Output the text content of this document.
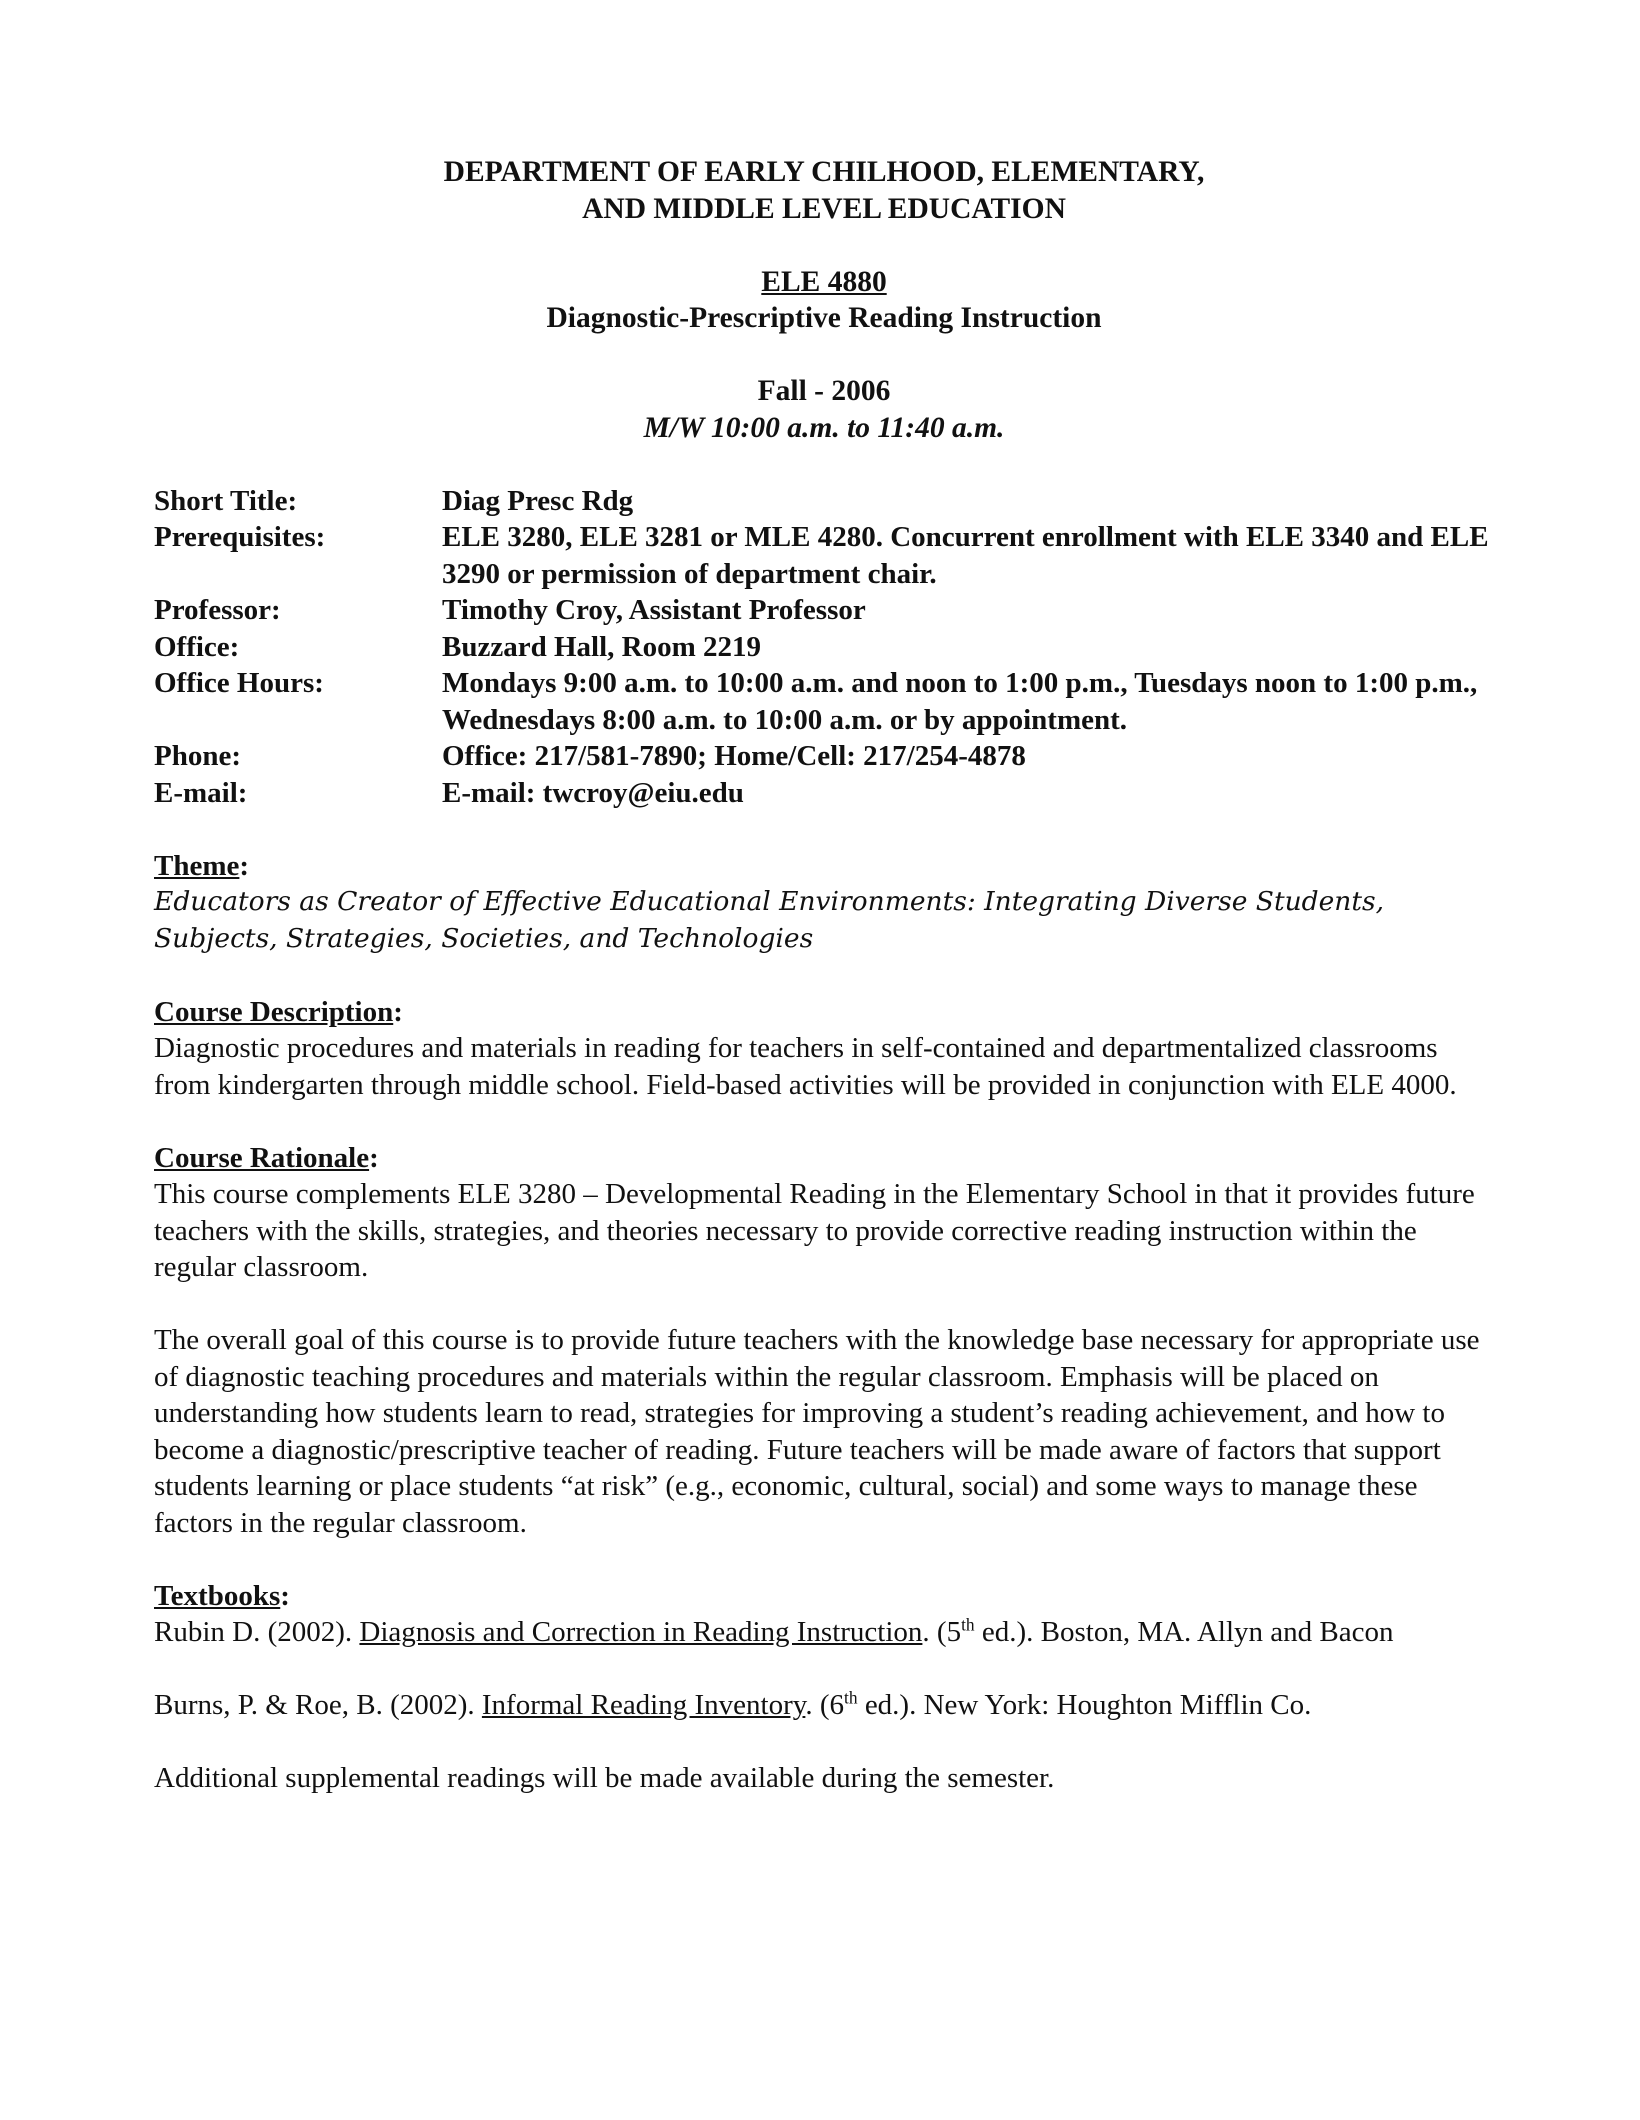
DEPARTMENT OF EARLY CHILHOOD, ELEMENTARY,
AND MIDDLE LEVEL EDUCATION
ELE 4880
Diagnostic-Prescriptive Reading Instruction
Fall - 2006
M/W 10:00 a.m. to 11:40 a.m.
Short Title:	Diag Presc Rdg
Prerequisites:	ELE 3280, ELE 3281 or MLE 4280. Concurrent enrollment with ELE 3340 and ELE 3290 or permission of department chair.
Professor:	Timothy Croy, Assistant Professor
Office:	Buzzard Hall, Room 2219
Office Hours:	Mondays 9:00 a.m. to 10:00 a.m. and noon to 1:00 p.m., Tuesdays noon to 1:00 p.m., Wednesdays 8:00 a.m. to 10:00 a.m. or by appointment.
Phone:	Office: 217/581-7890; Home/Cell: 217/254-4878
E-mail:	E-mail: twcroy@eiu.edu
Theme:

Educators as Creator of Effective Educational Environments: Integrating Diverse Students, Subjects, Strategies, Societies, and Technologies

Course Description:

Diagnostic procedures and materials in reading for teachers in self-contained and departmentalized classrooms from kindergarten through middle school. Field-based activities will be provided in conjunction with ELE 4000.

Course Rationale:

This course complements ELE 3280 – Developmental Reading in the Elementary School in that it provides future teachers with the skills, strategies, and theories necessary to provide corrective reading instruction within the regular classroom.

The overall goal of this course is to provide future teachers with the knowledge base necessary for appropriate use of diagnostic teaching procedures and materials within the regular classroom. Emphasis will be placed on understanding how students learn to read, strategies for improving a student’s reading achievement, and how to become a diagnostic/prescriptive teacher of reading. Future teachers will be made aware of factors that support students learning or place students “at risk” (e.g., economic, cultural, social) and some ways to manage these factors in the regular classroom.

Textbooks:

Rubin D. (2002). Diagnosis and Correction in Reading Instruction. (5th ed.). Boston, MA. Allyn and Bacon

Burns, P. & Roe, B. (2002). Informal Reading Inventory. (6th ed.). New York: Houghton Mifflin Co.

Additional supplemental readings will be made available during the semester.
